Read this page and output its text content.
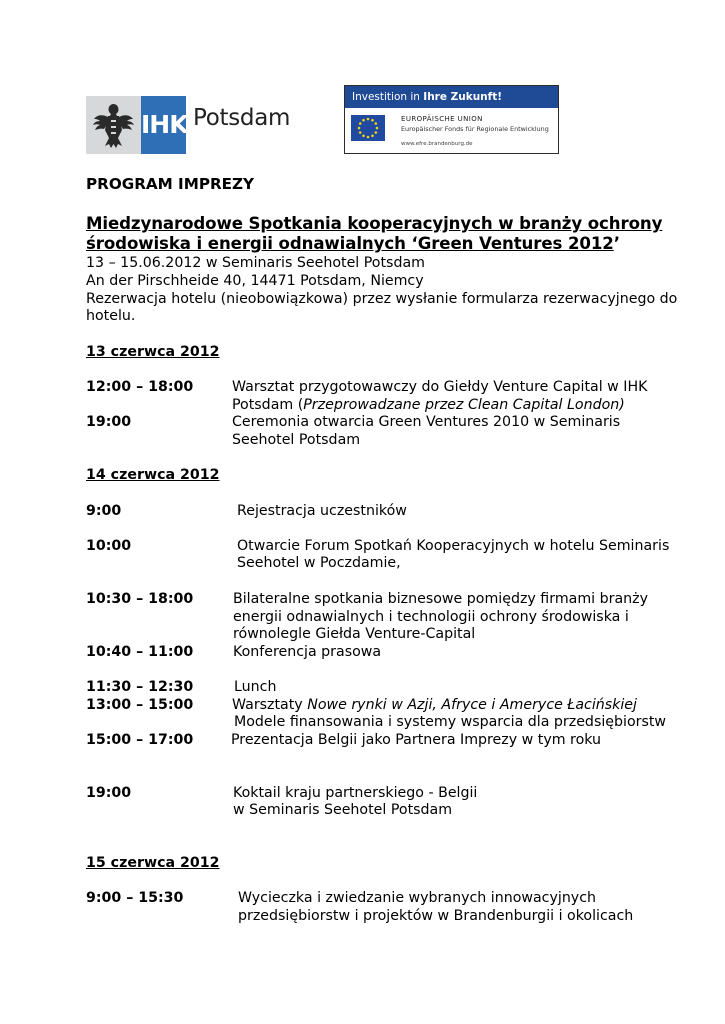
IHK Potsdam
Investition in Ihre Zukunft!
EUROPÄISCHE UNION
Europäischer Fonds für Regionale Entwicklung
www.efre.brandenburg.de
PROGRAM IMPREZY
Miedzynarodowe Spotkania kooperacyjnych w branży ochrony
środowiska i energii odnawialnych ‘Green Ventures 2012’
13 – 15.06.2012 w Seminaris Seehotel Potsdam
An der Pirschheide 40, 14471 Potsdam, Niemcy
Rezerwacja hotelu (nieobowiązkowa) przez wysłanie formularza rezerwacyjnego do
hotelu.
13 czerwca 2012
12:00 – 18:00	Warsztat przygotowawczy do Giełdy Venture Capital w IHK
Potsdam (Przeprowadzane przez Clean Capital London)
19:00	Ceremonia otwarcia Green Ventures 2010 w Seminaris
Seehotel Potsdam
14 czerwca 2012
9:00	Rejestracja uczestników
10:00	Otwarcie Forum Spotkań Kooperacyjnych w hotelu Seminaris
Seehotel w Poczdamie,
10:30 – 18:00	Bilateralne spotkania biznesowe pomiędzy firmami branży
energii odnawialnych i technologii ochrony środowiska i
równolegle Giełda Venture-Capital
10:40 – 11:00	Konferencja prasowa
11:30 – 12:30	Lunch
13:00 – 15:00	Warsztaty Nowe rynki w Azji, Afryce i Ameryce Łacińskiej
Modele finansowania i systemy wsparcia dla przedsiębiorstw
15:00 – 17:00	Prezentacja Belgii jako Partnera Imprezy w tym roku
19:00	Koktail kraju partnerskiego - Belgii
w Seminaris Seehotel Potsdam
15 czerwca 2012
9:00 – 15:30	Wycieczka i zwiedzanie wybranych innowacyjnych
przedsiębiorstw i projektów w Brandenburgii i okolicach
